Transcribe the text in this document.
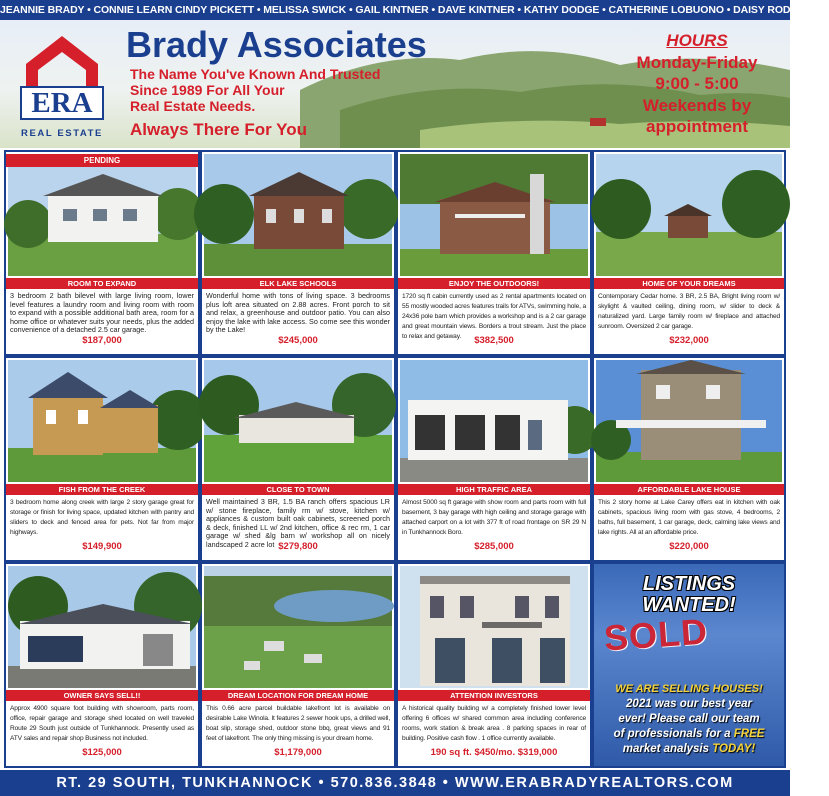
JEANNIE BRADY • CONNIE LEARN CINDY PICKETT • MELISSA SWICK • GAIL KINTNER • DAVE KINTNER • KATHY DODGE • CATHERINE LOBUONO • DAISY RODRIGUEZ
ERA
REAL ESTATE
Brady Associates
The Name You've Known And Trusted
Since 1989 For All Your
Real Estate Needs.
Always There For You
HOURS
Monday-Friday
9:00 - 5:00
Weekends by
appointment
PENDING
ROOM TO EXPAND
3 bedroom 2 bath bilevel with large living room, lower level features a laundry room and living room with room to expand with a possible additional bath area, room for a home office or whatever suits your needs, plus the added convenience of a detached 2.5 car garage.
$187,000
ELK LAKE SCHOOLS
Wonderful home with tons of living space. 3 bedrooms plus loft area situated on 2.88 acres. Front porch to sit and relax, a greenhouse and outdoor patio. You can also enjoy the lake with lake access. So come see this wonder by the Lake!
$245,000
ENJOY THE OUTDOORS!
1720 sq ft cabin currently used as 2 rental apartments located on 55 mostly wooded acres features trails for ATVs, swimming hole, a 24x36 pole barn which provides a workshop and is a 2 car garage and great mountain views. Borders a trout stream. Just the place to relax and getaway.	$382,500
HOME OF YOUR DREAMS
Contemporary Cedar home. 3 BR, 2.5 BA, Bright living room w/ skylight & vaulted ceiling, dining room, w/ slider to deck & naturalized yard. Large family room w/ fireplace and attached sunroom. Oversized 2 car garage.
$232,000
FISH FROM THE CREEK
3 bedroom home along creek with large 2 story garage great for storage or finish for living space, updated kitchen with pantry and sliders to deck and fenced area for pets. Not far from major highways.
$149,900
CLOSE TO TOWN
Well maintained 3 BR, 1.5 BA ranch offers spacious LR w/ stone fireplace, family rm w/ stove, kitchen w/ appliances & custom built oak cabinets, screened porch & deck, finished LL w/ 2nd kitchen, office & rec rm, 1 car garage w/ shed &lg barn w/ workshop all on nicely landscaped 2 acre lot $279,800
HIGH TRAFFIC AREA
Almost 5000 sq ft garage with show room and parts room with full basement, 3 bay garage with high ceiling and storage garage with attached carport on a lot with 377 ft of road frontage on SR 29 N in Tunkhannock Boro.
$285,000
AFFORDABLE LAKE HOUSE
This 2 story home at Lake Carey offers eat in kitchen with oak cabinets, spacious living room with gas stove, 4 bedrooms, 2 baths, full basement, 1 car garage, deck, calming lake views and lake rights. All at an affordable price.
$220,000
OWNER SAYS SELL!!
Approx 4900 square foot building with showroom, parts room, office, repair garage and storage shed located on well traveled Route 29 South just outside of Tunkhannock. Presently used as ATV sales and repair shop Business not included.
$125,000
DREAM LOCATION FOR DREAM HOME
This 0.66 acre parcel buildable lakefront lot is available on desirable Lake Winola. It features 2 sewer hook ups, a drilled well, boat slip, storage shed, outdoor stone bbq, great views and 91 feet of lakefront. The only thing missing is your dream home.
$1,179,000
ATTENTION INVESTORS
A historical quality building w/ a completely finished lower level offering 6 offices w/ shared common area including conference rooms, work station & break area . 8 parking spaces in rear of building. Positive cash flow . 1 office currently available.
190 sq ft. $450/mo. $319,000
LISTINGS
WANTED!
SOLD
WE ARE SELLING HOUSES!
2021 was our best year
ever! Please call our team
of professionals for a FREE
market analysis TODAY!
RT. 29 SOUTH, TUNKHANNOCK • 570.836.3848 • WWW.ERABRADYREALTORS.COM
